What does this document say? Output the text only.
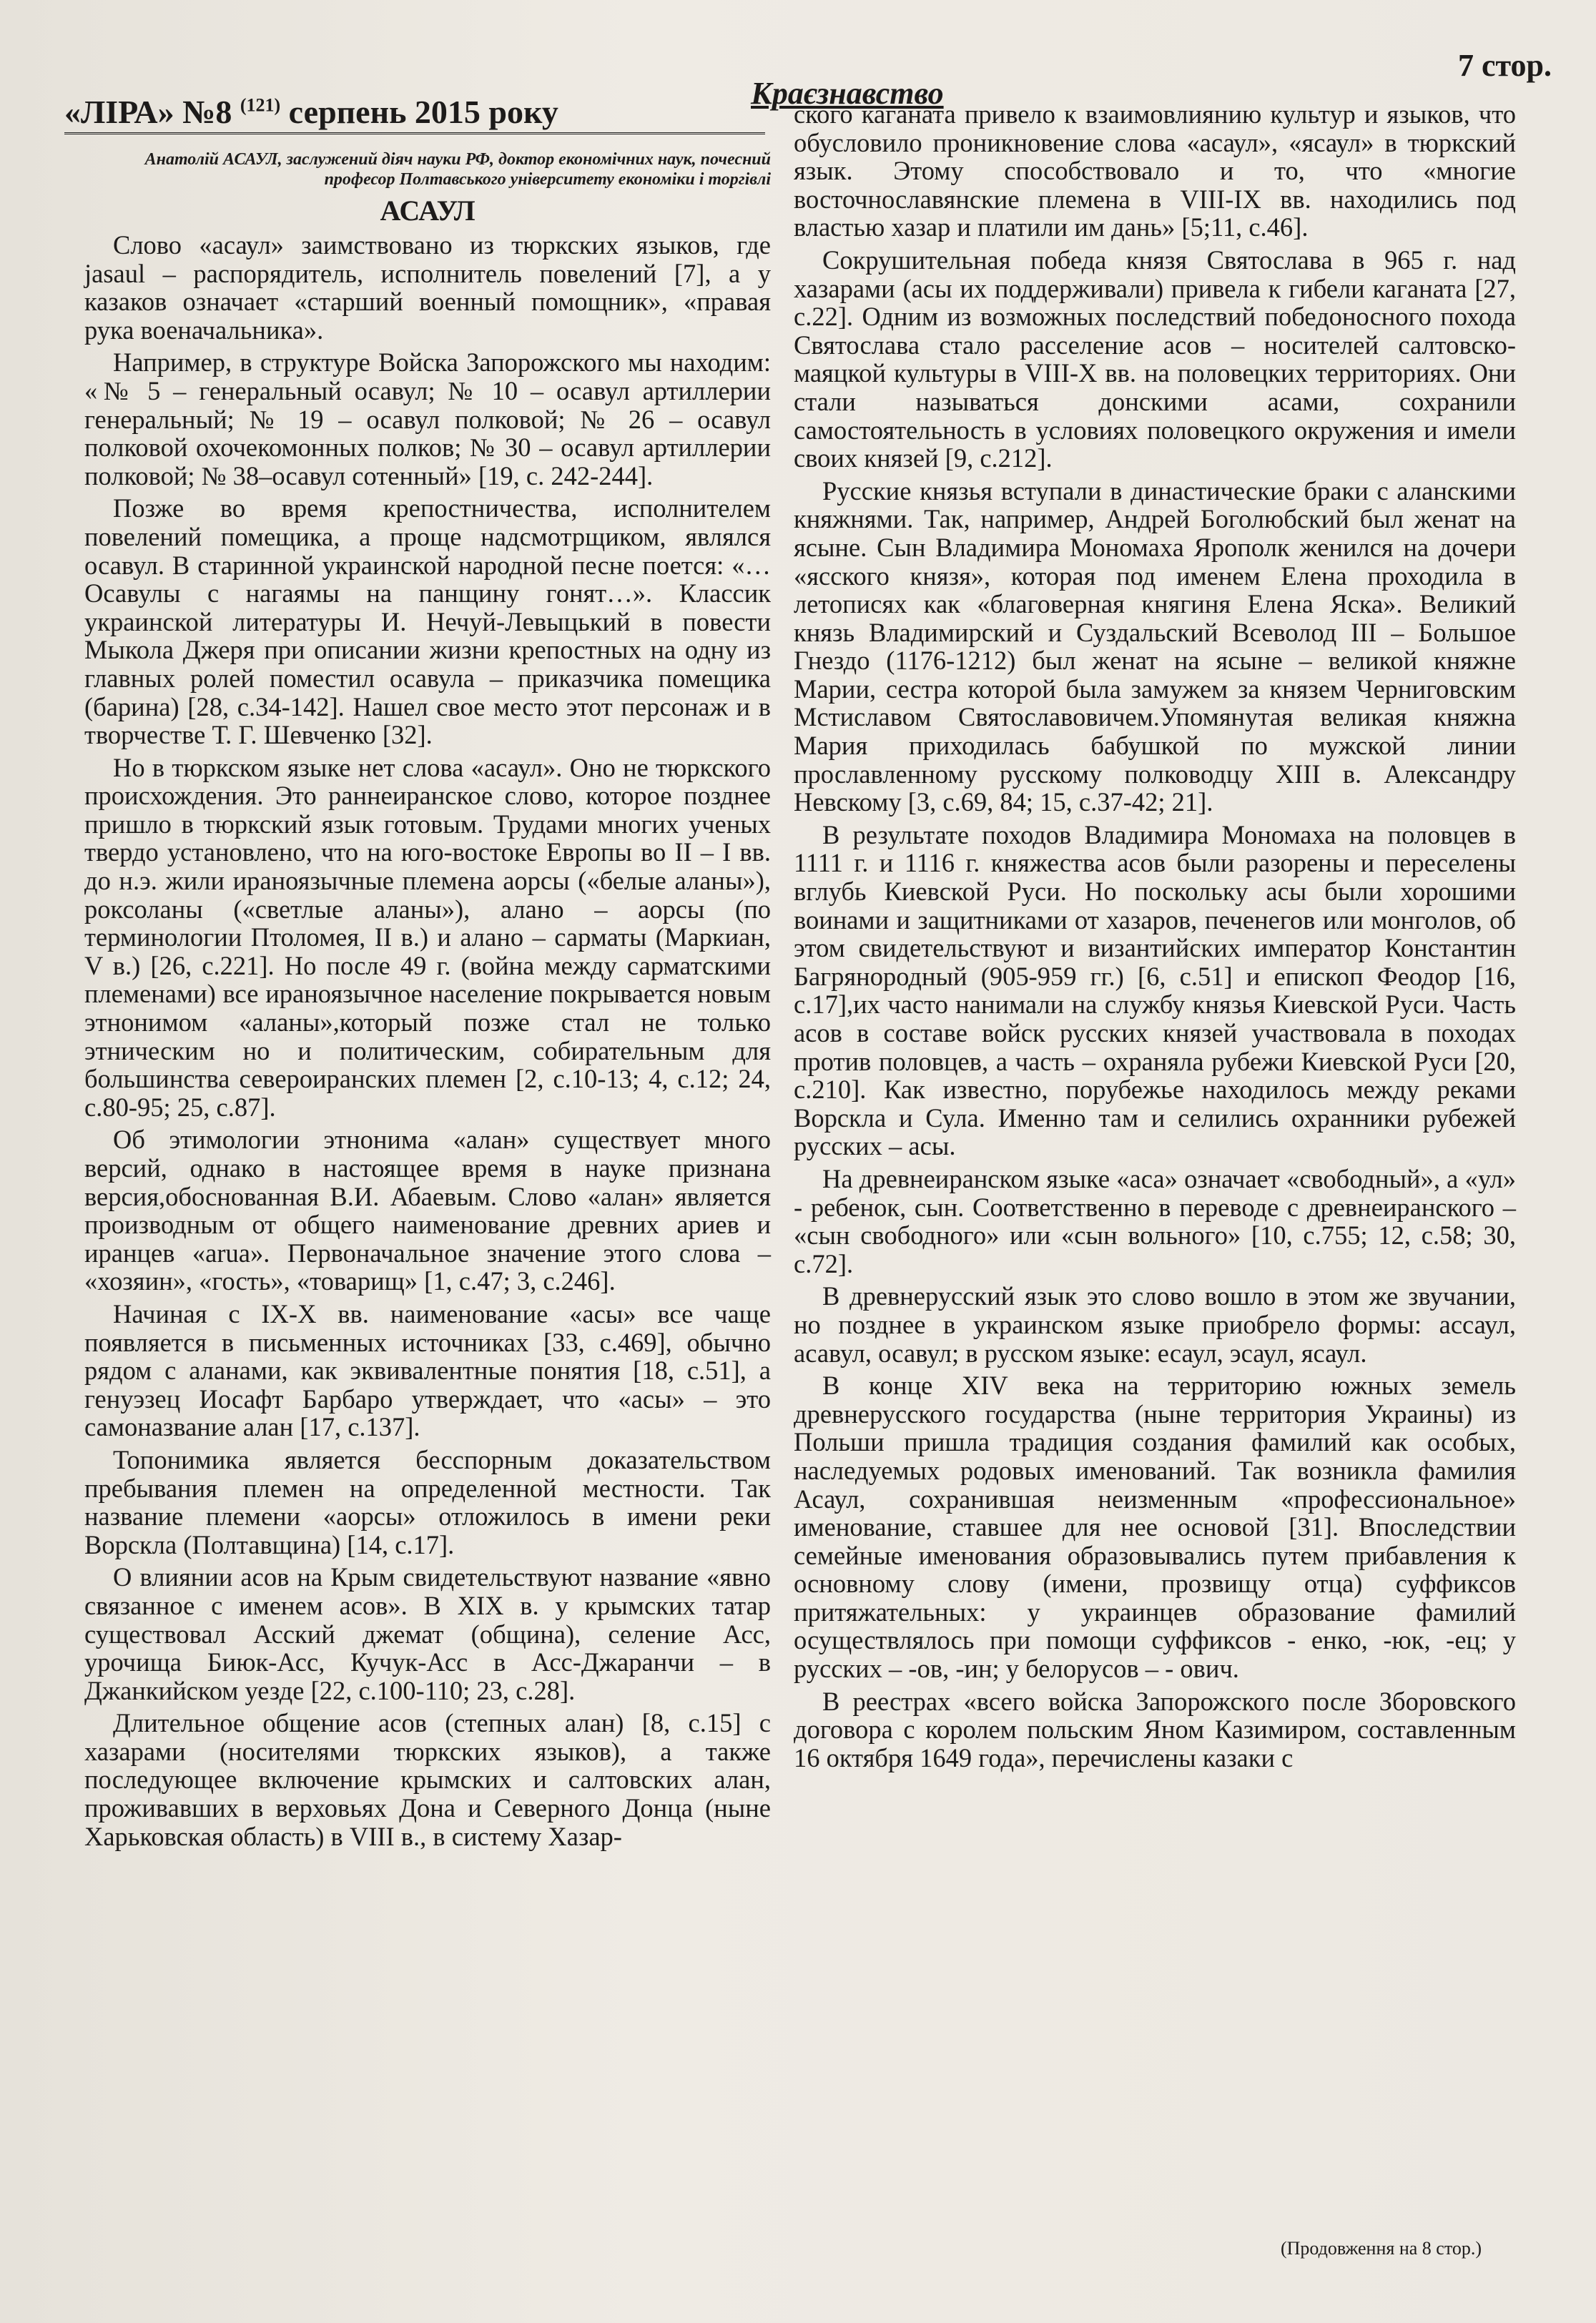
«ЛІРА» №8 $^{(121)}$ серпень 2015 року
Краєзнавство
7 стор.
Анатолій АСАУЛ, заслужений діяч науки РФ, доктор економічних наук, почесний професор Полтавського університету економіки і торгівлі
АСАУЛ

Слово «асаул» заимствовано из тюркских языков, где jasaul – распорядитель, исполнитель повелений [7], а у казаков означает «старший военный помощник», «правая рука военачальника».

Например, в структуре Войска Запорожского мы находим: «№ 5 – генеральный осавул; № 10 – осавул артиллерии генеральный; № 19 – осавул полковой; № 26 – осавул полковой охочекомонных полков; № 30 – осавул артиллерии полковой; № 38–осавул сотенный» [19, с. 242-244].

Позже во время крепостничества, исполнителем повелений помещика, а проще надсмотрщиком, являлся осавул. В старинной украинской народной песне поется: «…Осавулы с нагаямы на панщину гонят…». Классик украинской литературы И. Нечуй-Левыцький в повести Мыкола Джеря при описании жизни крепостных на одну из главных ролей поместил осавула – приказчика помещика (барина) [28, с.34-142]. Нашел свое место этот персонаж и в творчестве Т. Г. Шевченко [32].

Но в тюркском языке нет слова «асаул». Оно не тюркского происхождения. Это раннеиранское слово, которое позднее пришло в тюркский язык готовым. Трудами многих ученых твердо установлено, что на юго-востоке Европы во II – I вв. до н.э. жили ираноязычные племена аорсы («белые аланы»), роксоланы («светлые аланы»), алано – аорсы (по терминологии Птоломея, II в.) и алано – сарматы (Маркиан, V в.) [26, с.221]. Но после 49 г. (война между сарматскими племенами) все ираноязычное население покрывается новым этнонимом «аланы»,который позже стал не только этническим но и политическим, собирательным для большинства североиранских племен [2, с.10-13; 4, с.12; 24, с.80-95; 25, с.87].

Об этимологии этнонима «алан» существует много версий, однако в настоящее время в науке признана версия,обоснованная В.И. Абаевым. Слово «алан» является производным от общего наименование древних ариев и иранцев «arua». Первоначальное значение этого слова – «хозяин», «гость», «товарищ» [1, с.47; 3, с.246].

Начиная с IX-X вв. наименование «асы» все чаще появляется в письменных источниках [33, с.469], обычно рядом с аланами, как эквивалентные понятия [18, с.51], а генуэзец Иосафт Барбаро утверждает, что «асы» – это самоназвание алан [17, с.137].

Топонимика является бесспорным доказательством пребывания племен на определенной местности. Так название племени «аорсы» отложилось в имени реки Ворскла (Полтавщина) [14, с.17].

О влиянии асов на Крым свидетельствуют название «явно связанное с именем асов». В XIX в. у крымских татар существовал Асский джемат (община), селение Асс, урочища Биюк-Асс, Кучук-Асс в Асс-Джаранчи – в Джанкийском уезде [22, с.100-110; 23, с.28].

Длительное общение асов (степных алан) [8, с.15] с хазарами (носителями тюркских языков), а также последующее включение крымских и салтовских алан, проживавших в верховьях Дона и Северного Донца (ныне Харьковская область) в VIII в., в систему Хазар-

ского каганата привело к взаимовлиянию культур и языков, что обусловило проникновение слова «асаул», «ясаул» в тюркский язык. Этому способствовало и то, что «многие восточнославянские племена в VIII-IX вв. находились под властью хазар и платили им дань» [5;11, с.46].

Сокрушительная победа князя Святослава в 965 г. над хазарами (асы их поддерживали) привела к гибели каганата [27, с.22]. Одним из возможных последствий победоносного похода Святослава стало расселение асов – носителей салтовско-маяцкой культуры в VIII-X вв. на половецких территориях. Они стали называться донскими асами, сохранили самостоятельность в условиях половецкого окружения и имели своих князей [9, с.212].

Русские князья вступали в династические браки с аланскими княжнями. Так, например, Андрей Боголюбский был женат на ясыне. Сын Владимира Мономаха Ярополк женился на дочери «ясского князя», которая под именем Елена проходила в летописях как «благоверная княгиня Елена Яска». Великий князь Владимирский и Суздальский Всеволод III – Большое Гнездо (1176-1212) был женат на ясыне – великой княжне Марии, сестра которой была замужем за князем Черниговским Мстиславом Святославовичем.Упомянутая великая княжна Мария приходилась бабушкой по мужской линии прославленному русскому полководцу XIII в. Александру Невскому [3, с.69, 84; 15, с.37-42; 21].

В результате походов Владимира Мономаха на половцев в 1111 г. и 1116 г. княжества асов были разорены и переселены вглубь Киевской Руси. Но поскольку асы были хорошими воинами и защитниками от хазаров, печенегов или монголов, об этом свидетельствуют и византийских император Константин Багрянородный (905-959 гг.) [6, с.51] и епископ Феодор [16, с.17],их часто нанимали на службу князья Киевской Руси. Часть асов в составе войск русских князей участвовала в походах против половцев, а часть – охраняла рубежи Киевской Руси [20, с.210]. Как известно, порубежье находилось между реками Ворскла и Сула. Именно там и селились охранники рубежей русских – асы.

На древнеиранском языке «аса» означает «свободный», а «ул» - ребенок, сын. Соответственно в переводе с древнеиранского – «сын свободного» или «сын вольного» [10, с.755; 12, с.58; 30, с.72].

В древнерусский язык это слово вошло в этом же звучании, но позднее в украинском языке приобрело формы: ассаул, асавул, осавул; в русском языке: есаул, эсаул, ясаул.

В конце XIV века на территорию южных земель древнерусского государства (ныне территория Украины) из Польши пришла традиция создания фамилий как особых, наследуемых родовых именований. Так возникла фамилия Асаул, сохранившая неизменным «профессиональное» именование, ставшее для нее основой [31]. Впоследствии семейные именования образовывались путем прибавления к основному слову (имени, прозвищу отца) суффиксов притяжательных: у украинцев образование фамилий осуществлялось при помощи суффиксов - енко, -юк, -ец; у русских – -ов, -ин; у белорусов – - ович.

В реестрах «всего войска Запорожского после Зборовского договора с королем польским Яном Казимиром, составленным 16 октября 1649 года», перечислены казаки с

(Продовження на 8 стор.)
